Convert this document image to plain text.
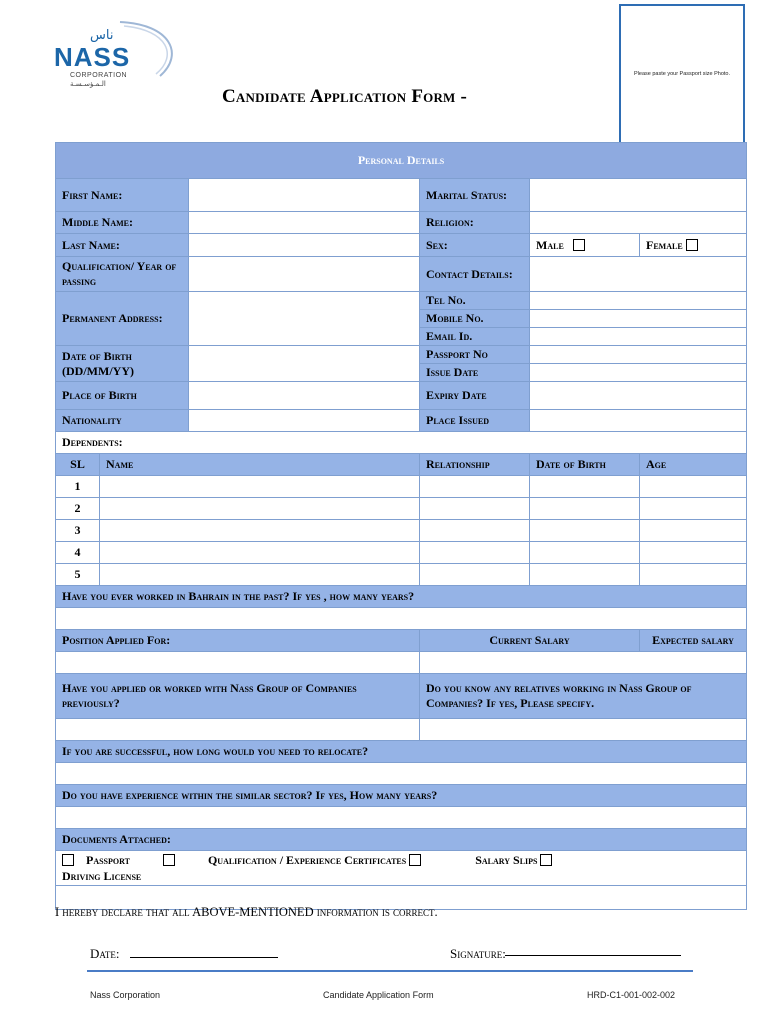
ناس
NASS
CORPORATION
الـمـؤسـسـة
Candidate Application Form -
Please paste your Passport size Photo.
Personal Details					
First Name:			Marital Status:		
Middle Name:			Religion:		
Last Name:			Sex:	Male	Female
Qualification/ Year of passing			Contact Details:		
Permanent Address:			Tel No.		
			Mobile No.		
			Email Id.		
Date of Birth (DD/MM/YY)			Passport No		
			Issue Date		
Place of Birth			Expiry Date		
Nationality			Place Issued		
Dependents:					
SL	Name		Relationship	Date of Birth	Age
1					
2					
3					
4					
5					
Have you ever worked in Bahrain in the past? If yes , how many years?					

Position Applied For:			Current Salary		Expected salary

Have you applied or worked with Nass Group of Companies previously?			Do you know any relatives working in Nass Group of Companies? If yes, Please specify.		

If you are successful, how long would you need to relocate?					

Do you have experience within the similar sector? If yes, How many years?					

Documents Attached:					
Passport Qualification / Experience Certificates Salary Slips
Driving License					

I hereby declare that all ABOVE-MENTIONED information is correct.
Date:	Signature:
Nass Corporation	Candidate Application Form	HRD-C1-001-002-002
